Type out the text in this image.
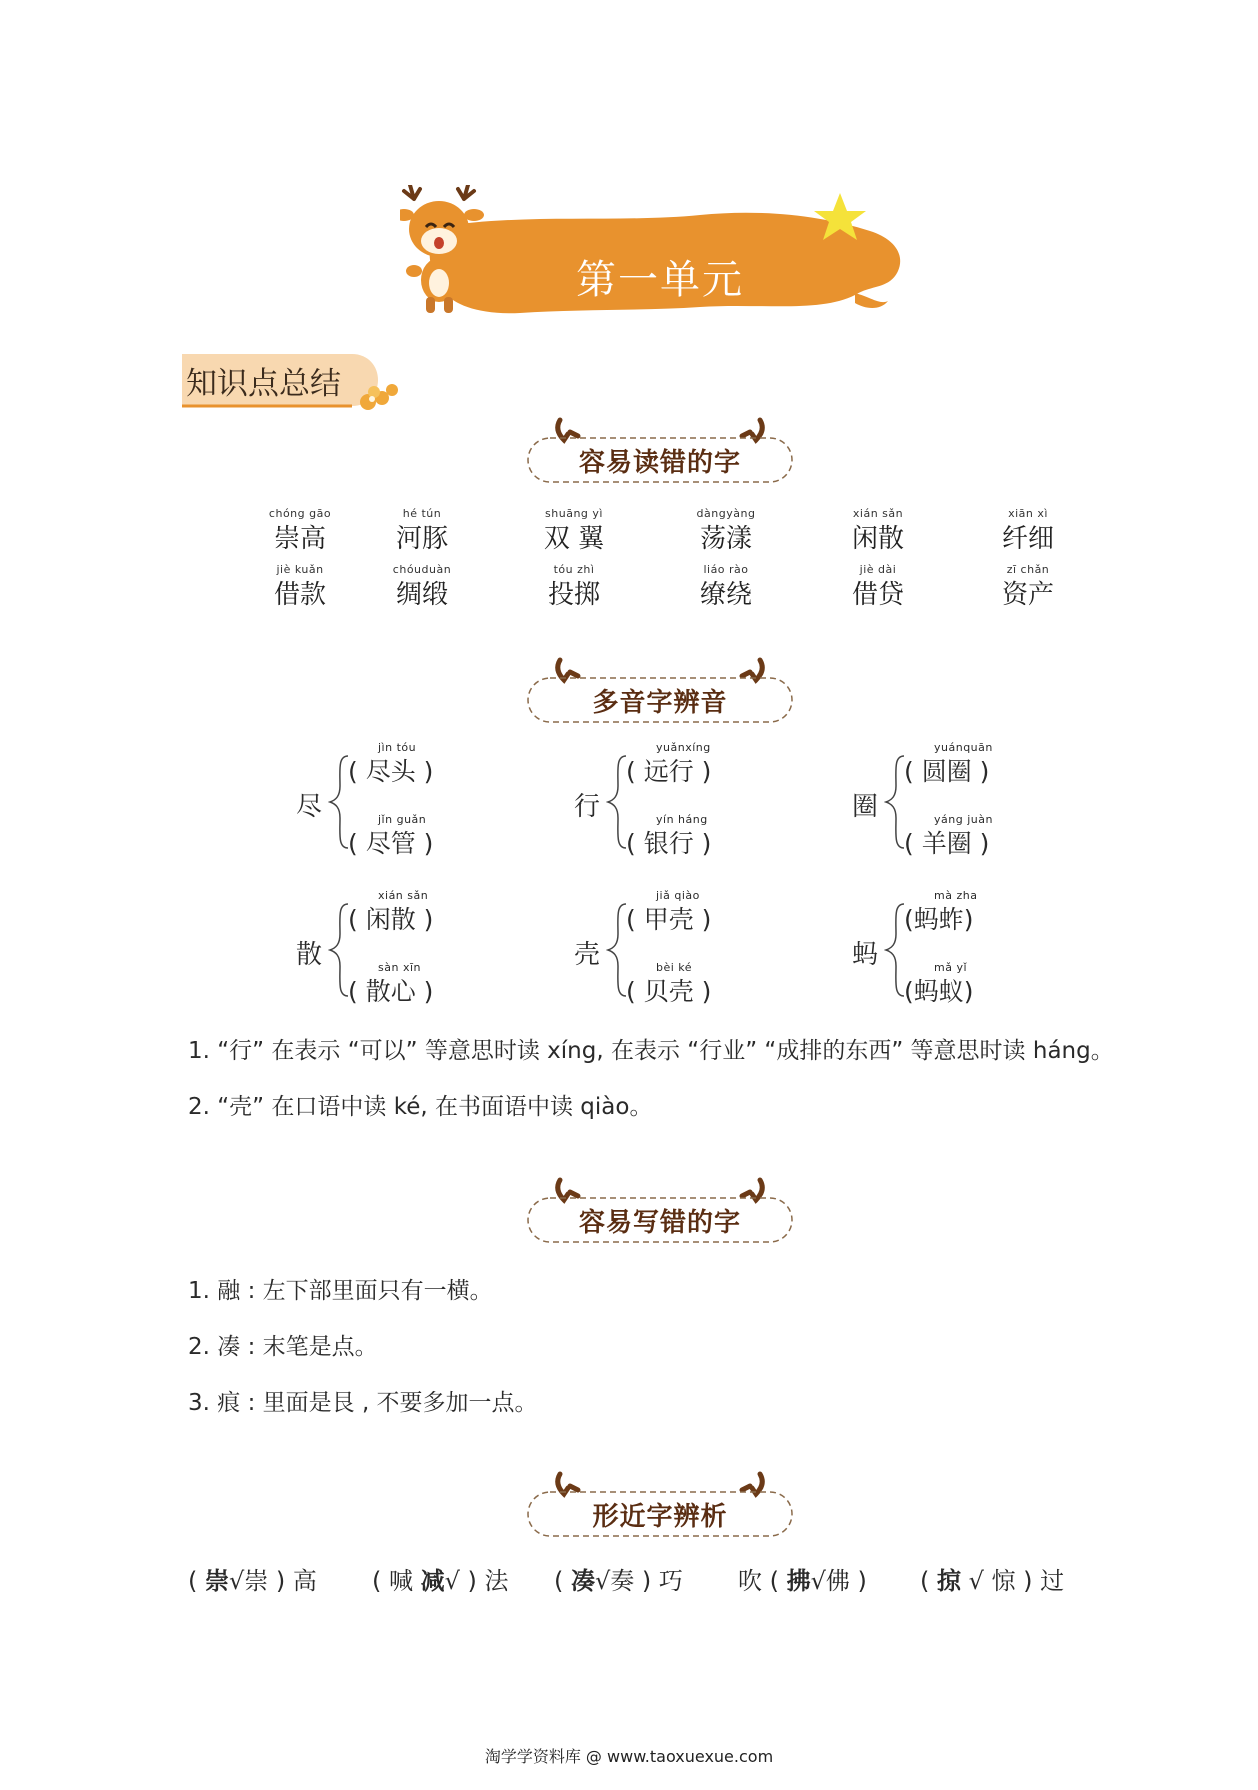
第一单元
知识点总结
容易读错的字
chóng gāo
崇高
hé tún
河豚
shuāng yì
双 翼
dàngyàng
荡漾
xián sǎn
闲散
xiān xì
纤细
jiè kuǎn
借款
chóuduàn
绸缎
tóu zhì
投掷
liáo rào
缭绕
jiè dài
借贷
zī chǎn
资产
多音字辨音
尽
jìn tóu
( 尽头 )
jǐn guǎn
( 尽管 )
行
yuǎnxíng
( 远行 )
yín háng
( 银行 )
圈
yuánquān
( 圆圈 )
yáng juàn
( 羊圈 )
散
xián sǎn
( 闲散 )
sàn xīn
( 散心 )
壳
jiǎ qiào
( 甲壳 )
bèi ké
( 贝壳 )
蚂
mà zha
(蚂蚱)
mǎ yǐ
(蚂蚁)
1. “行” 在表示 “可以” 等意思时读 xíng, 在表示 “行业” “成排的东西” 等意思时读 háng。
2. “壳” 在口语中读 ké, 在书面语中读 qiào。
容易写错的字
1. 融 : 左下部里面只有一横。
2. 凑 : 末笔是点。
3. 痕 : 里面是艮 , 不要多加一点。
形近字辨析
( 崇√崇 ) 高 ( 喊 减√ ) 法 ( 凑√奏 ) 巧 吹 ( 拂√佛 ) ( 掠 √ 惊 ) 过
淘学学资料库 @ www.taoxuexue.com
